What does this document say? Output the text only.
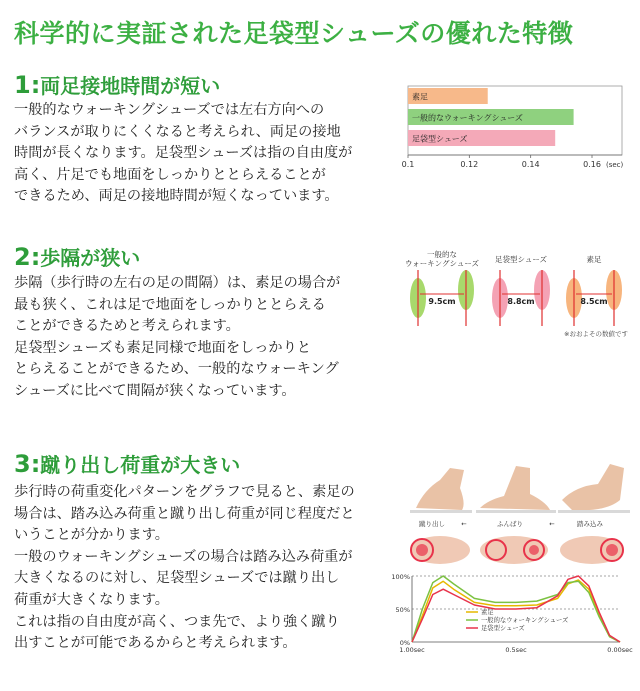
科学的に実証された足袋型シューズの優れた特徴
1:両足接地時間が短い

一般的なウォーキングシューズでは左右方向への

バランスが取りにくくなると考えられ、両足の接地

時間が長くなります。足袋型シューズは指の自由度が

高く、片足でも地面をしっかりととらえることが

できるため、両足の接地時間が短くなっています。

素足
一般的なウォーキングシューズ
足袋型シューズ
0.1	0.12	0.14	0.16 (sec)
2:歩隔が狭い

歩隔（歩行時の左右の足の間隔）は、素足の場合が

最も狭く、これは足で地面をしっかりととらえる

ことができるためと考えられます。

足袋型シューズも素足同様で地面をしっかりと

とらえることができるため、一般的なウォーキング

シューズに比べて間隔が狭くなっています。

一般的な
ウォーキングシューズ
9.5cm
足袋型シューズ
8.8cm
素足
8.5cm
※おおよその数値です
3:蹴り出し荷重が大きい

歩行時の荷重変化パターンをグラフで見ると、素足の

場合は、踏み込み荷重と蹴り出し荷重が同じ程度だと

いうことが分かります。

一般のウォーキングシューズの場合は踏み込み荷重が

大きくなるのに対し、足袋型シューズでは蹴り出し

荷重が大きくなります。

これは指の自由度が高く、つま先で、より強く蹴り

出すことが可能であるからと考えられます。

蹴り出し	←	ふんばり	←	踏み込み
100%
50%
0%
1.00sec	0.5sec	0.00sec
素足
一般的なウォーキングシューズ
足袋型シューズ
